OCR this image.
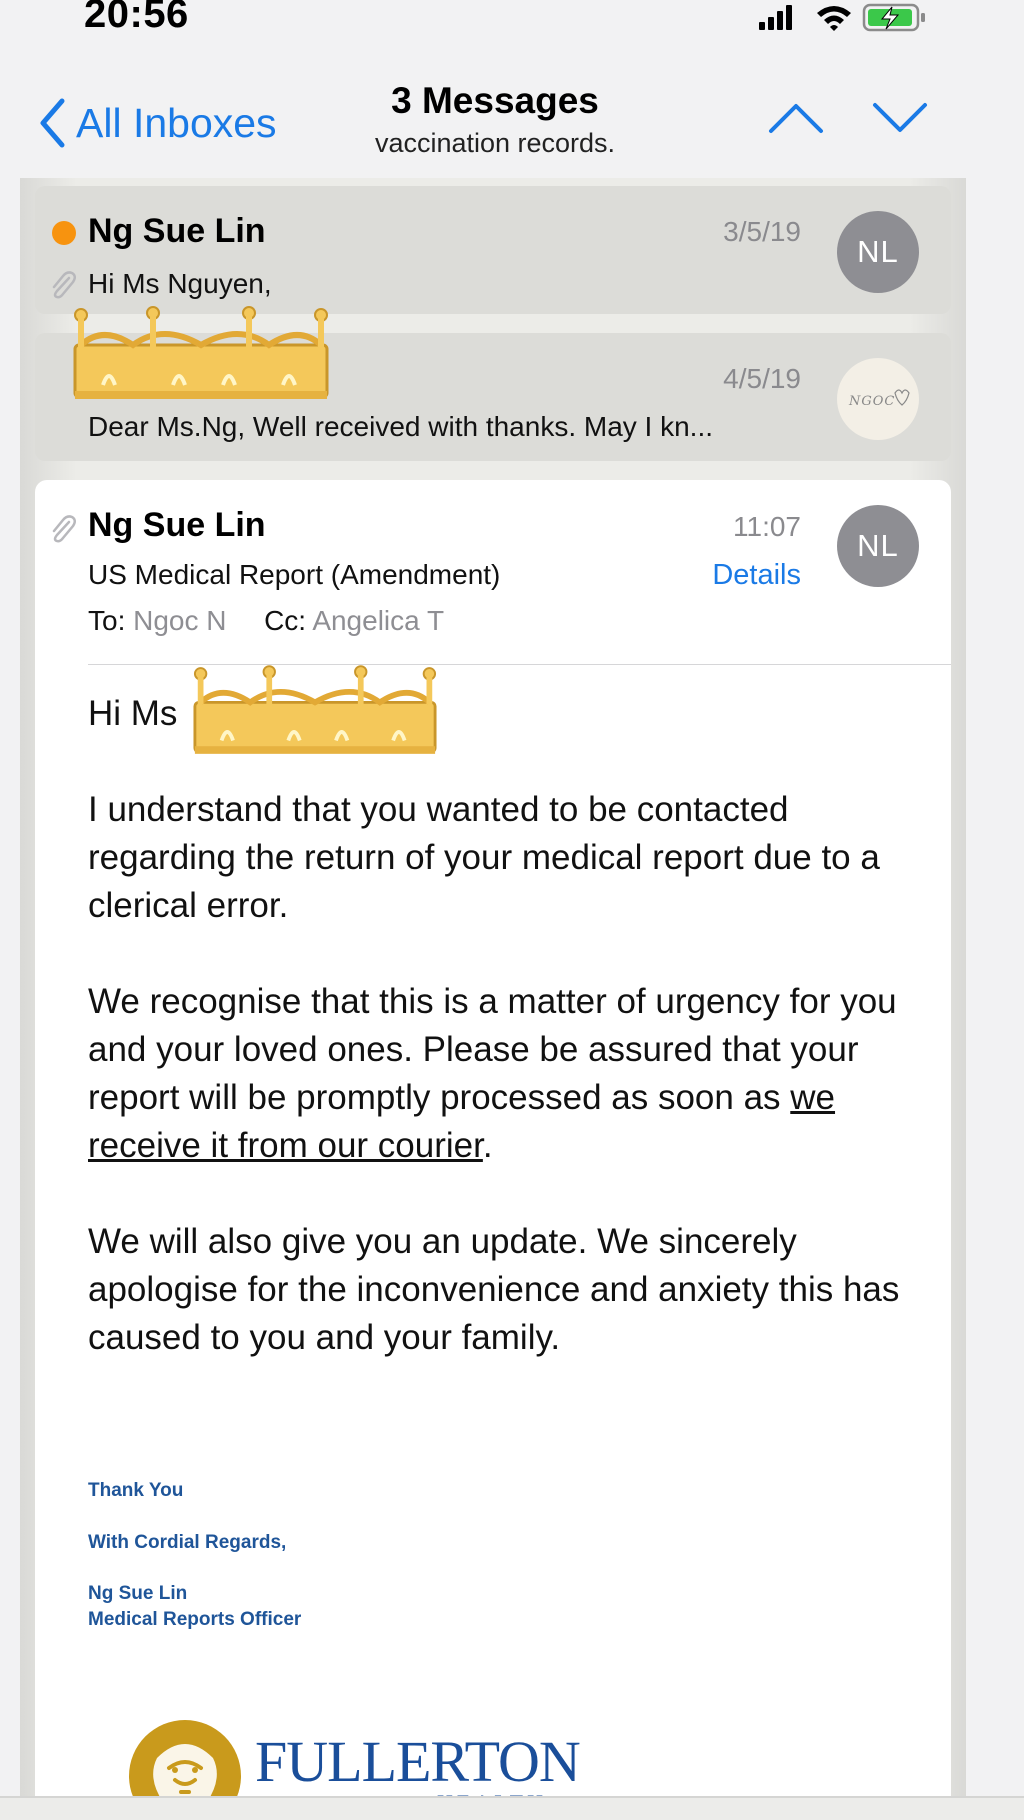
20:56
All Inboxes	3 Messages
vaccination records.
Ng Sue Lin	3/5/19
Hi Ms Nguyen,
NL
4/5/19
Dear Ms.Ng, Well received with thanks. May I kn...
NGOC
Ng Sue Lin	11:07
NL
US Medical Report (Amendment)	Details
To: Ngoc N Cc: Angelica T
Hi Ms
I understand that you wanted to be contacted regarding the return of your medical report due to a clerical error.
We recognise that this is a matter of urgency for you and your loved ones. Please be assured that your report will be promptly processed as soon as we receive it from our courier.
We will also give you an update. We sincerely apologise for the inconvenience and anxiety this has caused to you and your family.
Thank You
With Cordial Regards,
Ng Sue Lin
Medical Reports Officer
FULLERTON
